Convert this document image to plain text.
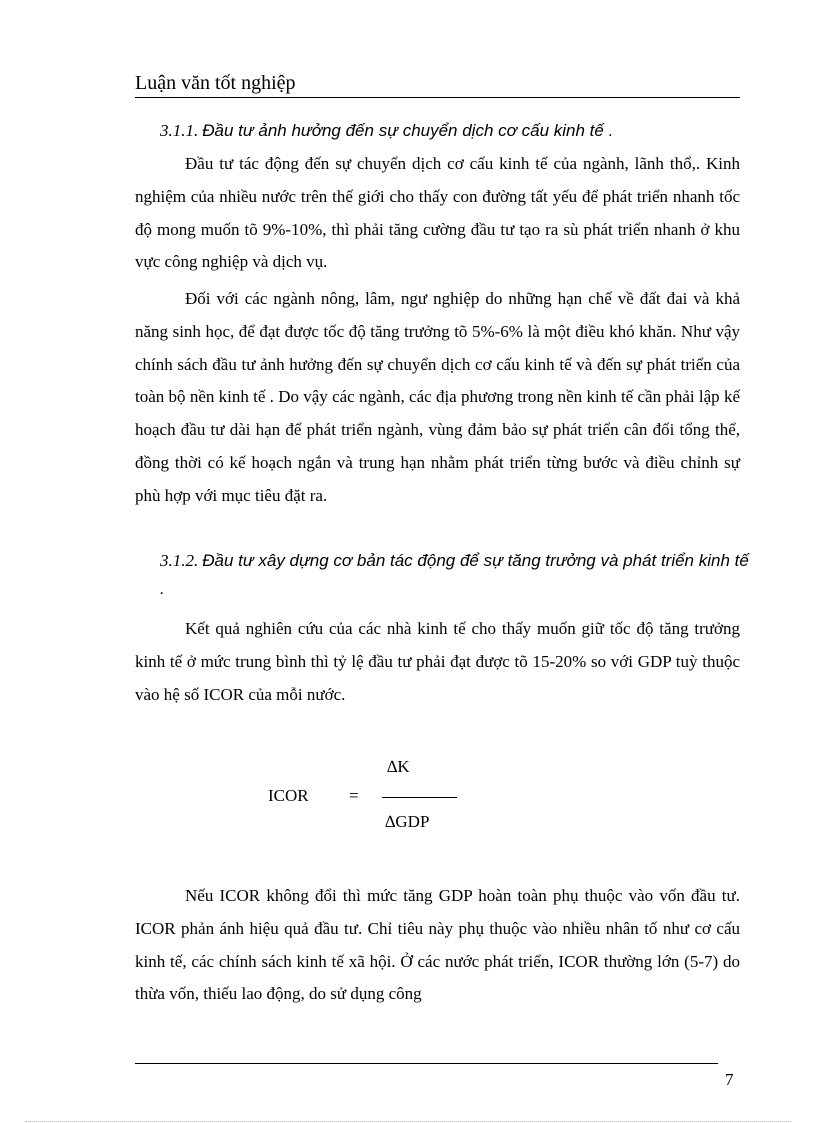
Luận văn tốt nghiệp
3.1.1. Đầu tư ảnh hưởng đến sự chuyển dịch cơ cấu kinh tế .

Đầu tư tác động đến sự chuyển dịch cơ cấu kinh tế của ngành, lãnh thổ,. Kinh nghiệm của nhiều nước trên thế giới cho thấy con đường tất yếu để phát triển nhanh tốc độ mong muốn tõ 9%-10%, thì phải tăng cường đầu tư tạo ra sù phát triển nhanh ở khu vực công nghiệp và dịch vụ.

Đối với các ngành nông, lâm, ngư nghiệp do những hạn chế về đất đai và khả năng sinh học, để đạt được tốc độ tăng trưởng tõ 5%-6% là một điều khó khăn. Như vậy chính sách đầu tư ảnh hưởng đến sự chuyển dịch cơ cấu kinh tế và đến sự phát triển của toàn bộ nền kinh tế . Do vậy các ngành, các địa phương trong nền kinh tế cần phải lập kế hoạch đầu tư dài hạn để phát triển ngành, vùng đảm bảo sự phát triển cân đối tổng thể, đồng thời có kế hoạch ngắn và trung hạn nhằm phát triển từng bước và điều chỉnh sự phù hợp với mục tiêu đặt ra.

3.1.2. Đầu tư xây dựng cơ bản tác động để sự tăng trưởng và phát triển kinh tế .

Kết quả nghiên cứu của các nhà kinh tế cho thấy muốn giữ tốc độ tăng trưởng kinh tế ở mức trung bình thì tỷ lệ đầu tư phải đạt được tõ 15-20% so với GDP tuỳ thuộc vào hệ số ICOR của mỗi nước.

ICOR =
∆K
∆GDP

Nếu ICOR không đổi thì mức tăng GDP hoàn toàn phụ thuộc vào vốn đầu tư. ICOR phản ánh hiệu quả đầu tư. Chỉ tiêu này phụ thuộc vào nhiều nhân tố như cơ cấu kinh tế, các chính sách kinh tế xã hội. Ở các nước phát triển, ICOR thường lớn (5-7) do thừa vốn, thiếu lao động, do sử dụng công

7
